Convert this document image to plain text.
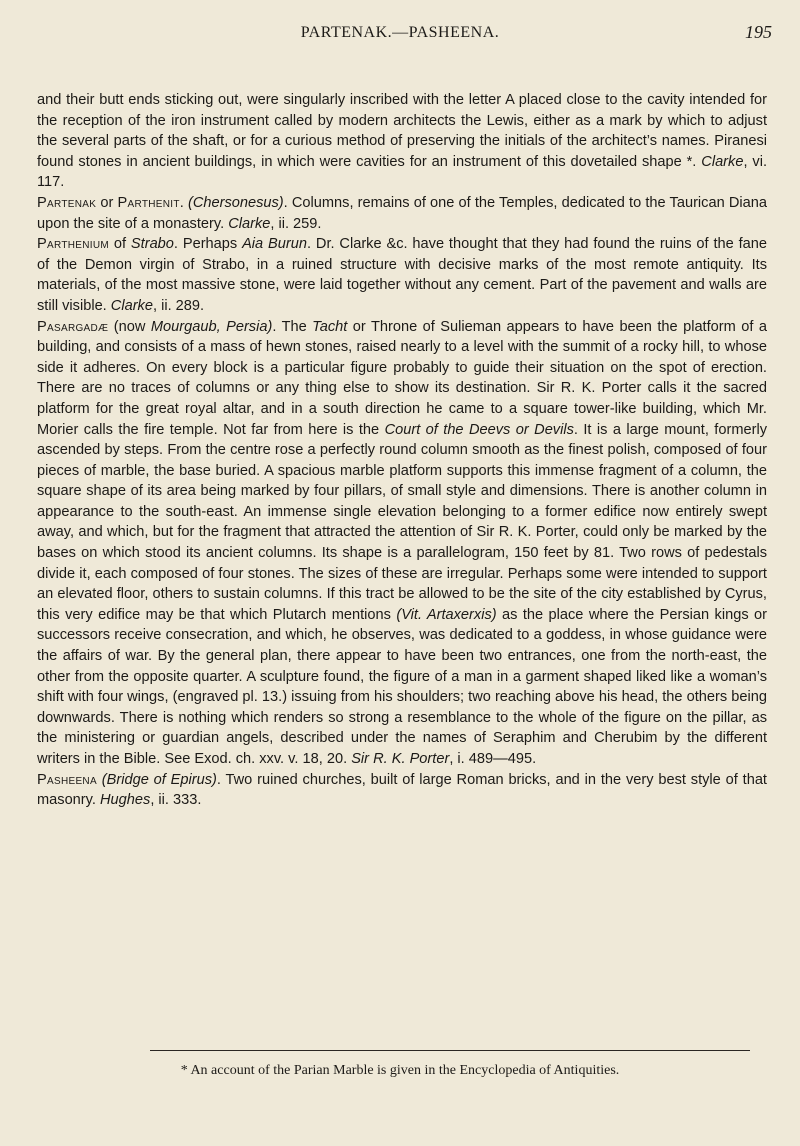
PARTENAK.—PASHEENA.	195

and their butt ends sticking out, were singularly inscribed with the letter A placed close to the cavity intended for the reception of the iron instrument called by modern architects the Lewis, either as a mark by which to adjust the several parts of the shaft, or for a curious method of preserving the initials of the architect’s names. Piranesi found stones in ancient buildings, in which were cavities for an instrument of this dovetailed shape *. Clarke, vi. 117.

Partenak or Parthenit. (Chersonesus). Columns, remains of one of the Temples, dedicated to the Taurican Diana upon the site of a monastery. Clarke, ii. 259.

Parthenium of Strabo. Perhaps Aia Burun. Dr. Clarke &c. have thought that they had found the ruins of the fane of the Demon virgin of Strabo, in a ruined structure with decisive marks of the most remote antiquity. Its materials, of the most massive stone, were laid together without any cement. Part of the pavement and walls are still visible. Clarke, ii. 289.

Pasargadæ (now Mourgaub, Persia). The Tacht or Throne of Sulieman appears to have been the platform of a building, and consists of a mass of hewn stones, raised nearly to a level with the summit of a rocky hill, to whose side it adheres. On every block is a particular figure probably to guide their situation on the spot of erection. There are no traces of columns or any thing else to show its destination. Sir R. K. Porter calls it the sacred platform for the great royal altar, and in a south direction he came to a square tower-like building, which Mr. Morier calls the fire temple. Not far from here is the Court of the Deevs or Devils. It is a large mount, formerly ascended by steps. From the centre rose a perfectly round column smooth as the finest polish, composed of four pieces of marble, the base buried. A spacious marble platform supports this immense fragment of a column, the square shape of its area being marked by four pillars, of small style and dimensions. There is another column in appearance to the south-east. An immense single elevation belonging to a former edifice now entirely swept away, and which, but for the fragment that attracted the attention of Sir R. K. Porter, could only be marked by the bases on which stood its ancient columns. Its shape is a parallelogram, 150 feet by 81. Two rows of pedestals divide it, each composed of four stones. The sizes of these are irregular. Perhaps some were intended to support an elevated floor, others to sustain columns. If this tract be allowed to be the site of the city established by Cyrus, this very edifice may be that which Plutarch mentions (Vit. Artaxerxis) as the place where the Persian kings or successors receive consecration, and which, he observes, was dedicated to a goddess, in whose guidance were the affairs of war. By the general plan, there appear to have been two entrances, one from the north-east, the other from the opposite quarter. A sculpture found, the figure of a man in a garment shaped liked like a woman’s shift with four wings, (engraved pl. 13.) issuing from his shoulders; two reaching above his head, the others being downwards. There is nothing which renders so strong a resemblance to the whole of the figure on the pillar, as the ministering or guardian angels, described under the names of Seraphim and Cherubim by the different writers in the Bible. See Exod. ch. xxv. v. 18, 20. Sir R. K. Porter, i. 489—495.

Pasheena (Bridge of Epirus). Two ruined churches, built of large Roman bricks, and in the very best style of that masonry. Hughes, ii. 333.

* An account of the Parian Marble is given in the Encyclopedia of Antiquities.
